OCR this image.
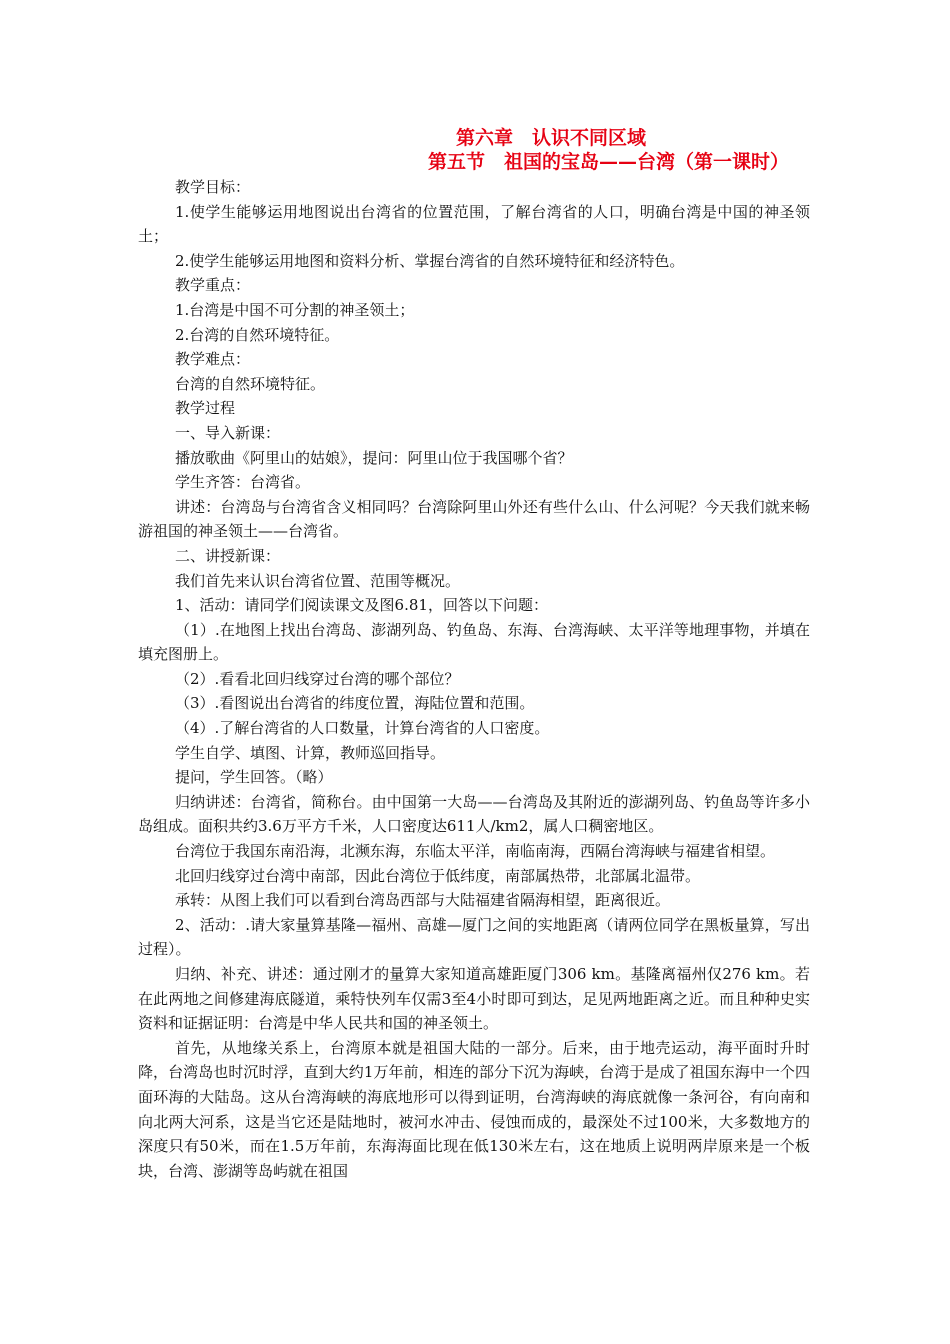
第六章　认识不同区域
第五节　祖国的宝岛——台湾（第一课时）

教学目标：

1.使学生能够运用地图说出台湾省的位置范围，了解台湾省的人口，明确台湾是中国的神圣领土；

2.使学生能够运用地图和资料分析、掌握台湾省的自然环境特征和经济特色。

教学重点：

1.台湾是中国不可分割的神圣领土；

2.台湾的自然环境特征。

教学难点：

台湾的自然环境特征。

教学过程

一、导入新课：

播放歌曲《阿里山的姑娘》，提问：阿里山位于我国哪个省？

学生齐答：台湾省。

讲述：台湾岛与台湾省含义相同吗？台湾除阿里山外还有些什么山、什么河呢？今天我们就来畅游祖国的神圣领土——台湾省。

二、讲授新课：

我们首先来认识台湾省位置、范围等概况。

1、活动：请同学们阅读课文及图6.81，回答以下问题：

（1）.在地图上找出台湾岛、澎湖列岛、钓鱼岛、东海、台湾海峡、太平洋等地理事物，并填在填充图册上。

（2）.看看北回归线穿过台湾的哪个部位？

（3）.看图说出台湾省的纬度位置，海陆位置和范围。

（4）.了解台湾省的人口数量，计算台湾省的人口密度。

学生自学、填图、计算，教师巡回指导。

提问，学生回答。（略）

归纳讲述：台湾省，简称台。由中国第一大岛——台湾岛及其附近的澎湖列岛、钓鱼岛等许多小岛组成。面积共约3.6万平方千米，人口密度达611人/km2，属人口稠密地区。

台湾位于我国东南沿海，北濒东海，东临太平洋，南临南海，西隔台湾海峡与福建省相望。

北回归线穿过台湾中南部，因此台湾位于低纬度，南部属热带，北部属北温带。

承转：从图上我们可以看到台湾岛西部与大陆福建省隔海相望，距离很近。

2、活动：.请大家量算基隆—福州、高雄—厦门之间的实地距离（请两位同学在黑板量算，写出过程）。

归纳、补充、讲述：通过刚才的量算大家知道高雄距厦门306 km。基隆离福州仅276 km。若在此两地之间修建海底隧道，乘特快列车仅需3至4小时即可到达，足见两地距离之近。而且种种史实资料和证据证明：台湾是中华人民共和国的神圣领土。

首先，从地缘关系上，台湾原本就是祖国大陆的一部分。后来，由于地壳运动，海平面时升时降，台湾岛也时沉时浮，直到大约1万年前，相连的部分下沉为海峡，台湾于是成了祖国东海中一个四面环海的大陆岛。这从台湾海峡的海底地形可以得到证明，台湾海峡的海底就像一条河谷，有向南和向北两大河系，这是当它还是陆地时，被河水冲击、侵蚀而成的，最深处不过100米，大多数地方的深度只有50米，而在1.5万年前，东海海面比现在低130米左右，这在地质上说明两岸原来是一个板块，台湾、澎湖等岛屿就在祖国
